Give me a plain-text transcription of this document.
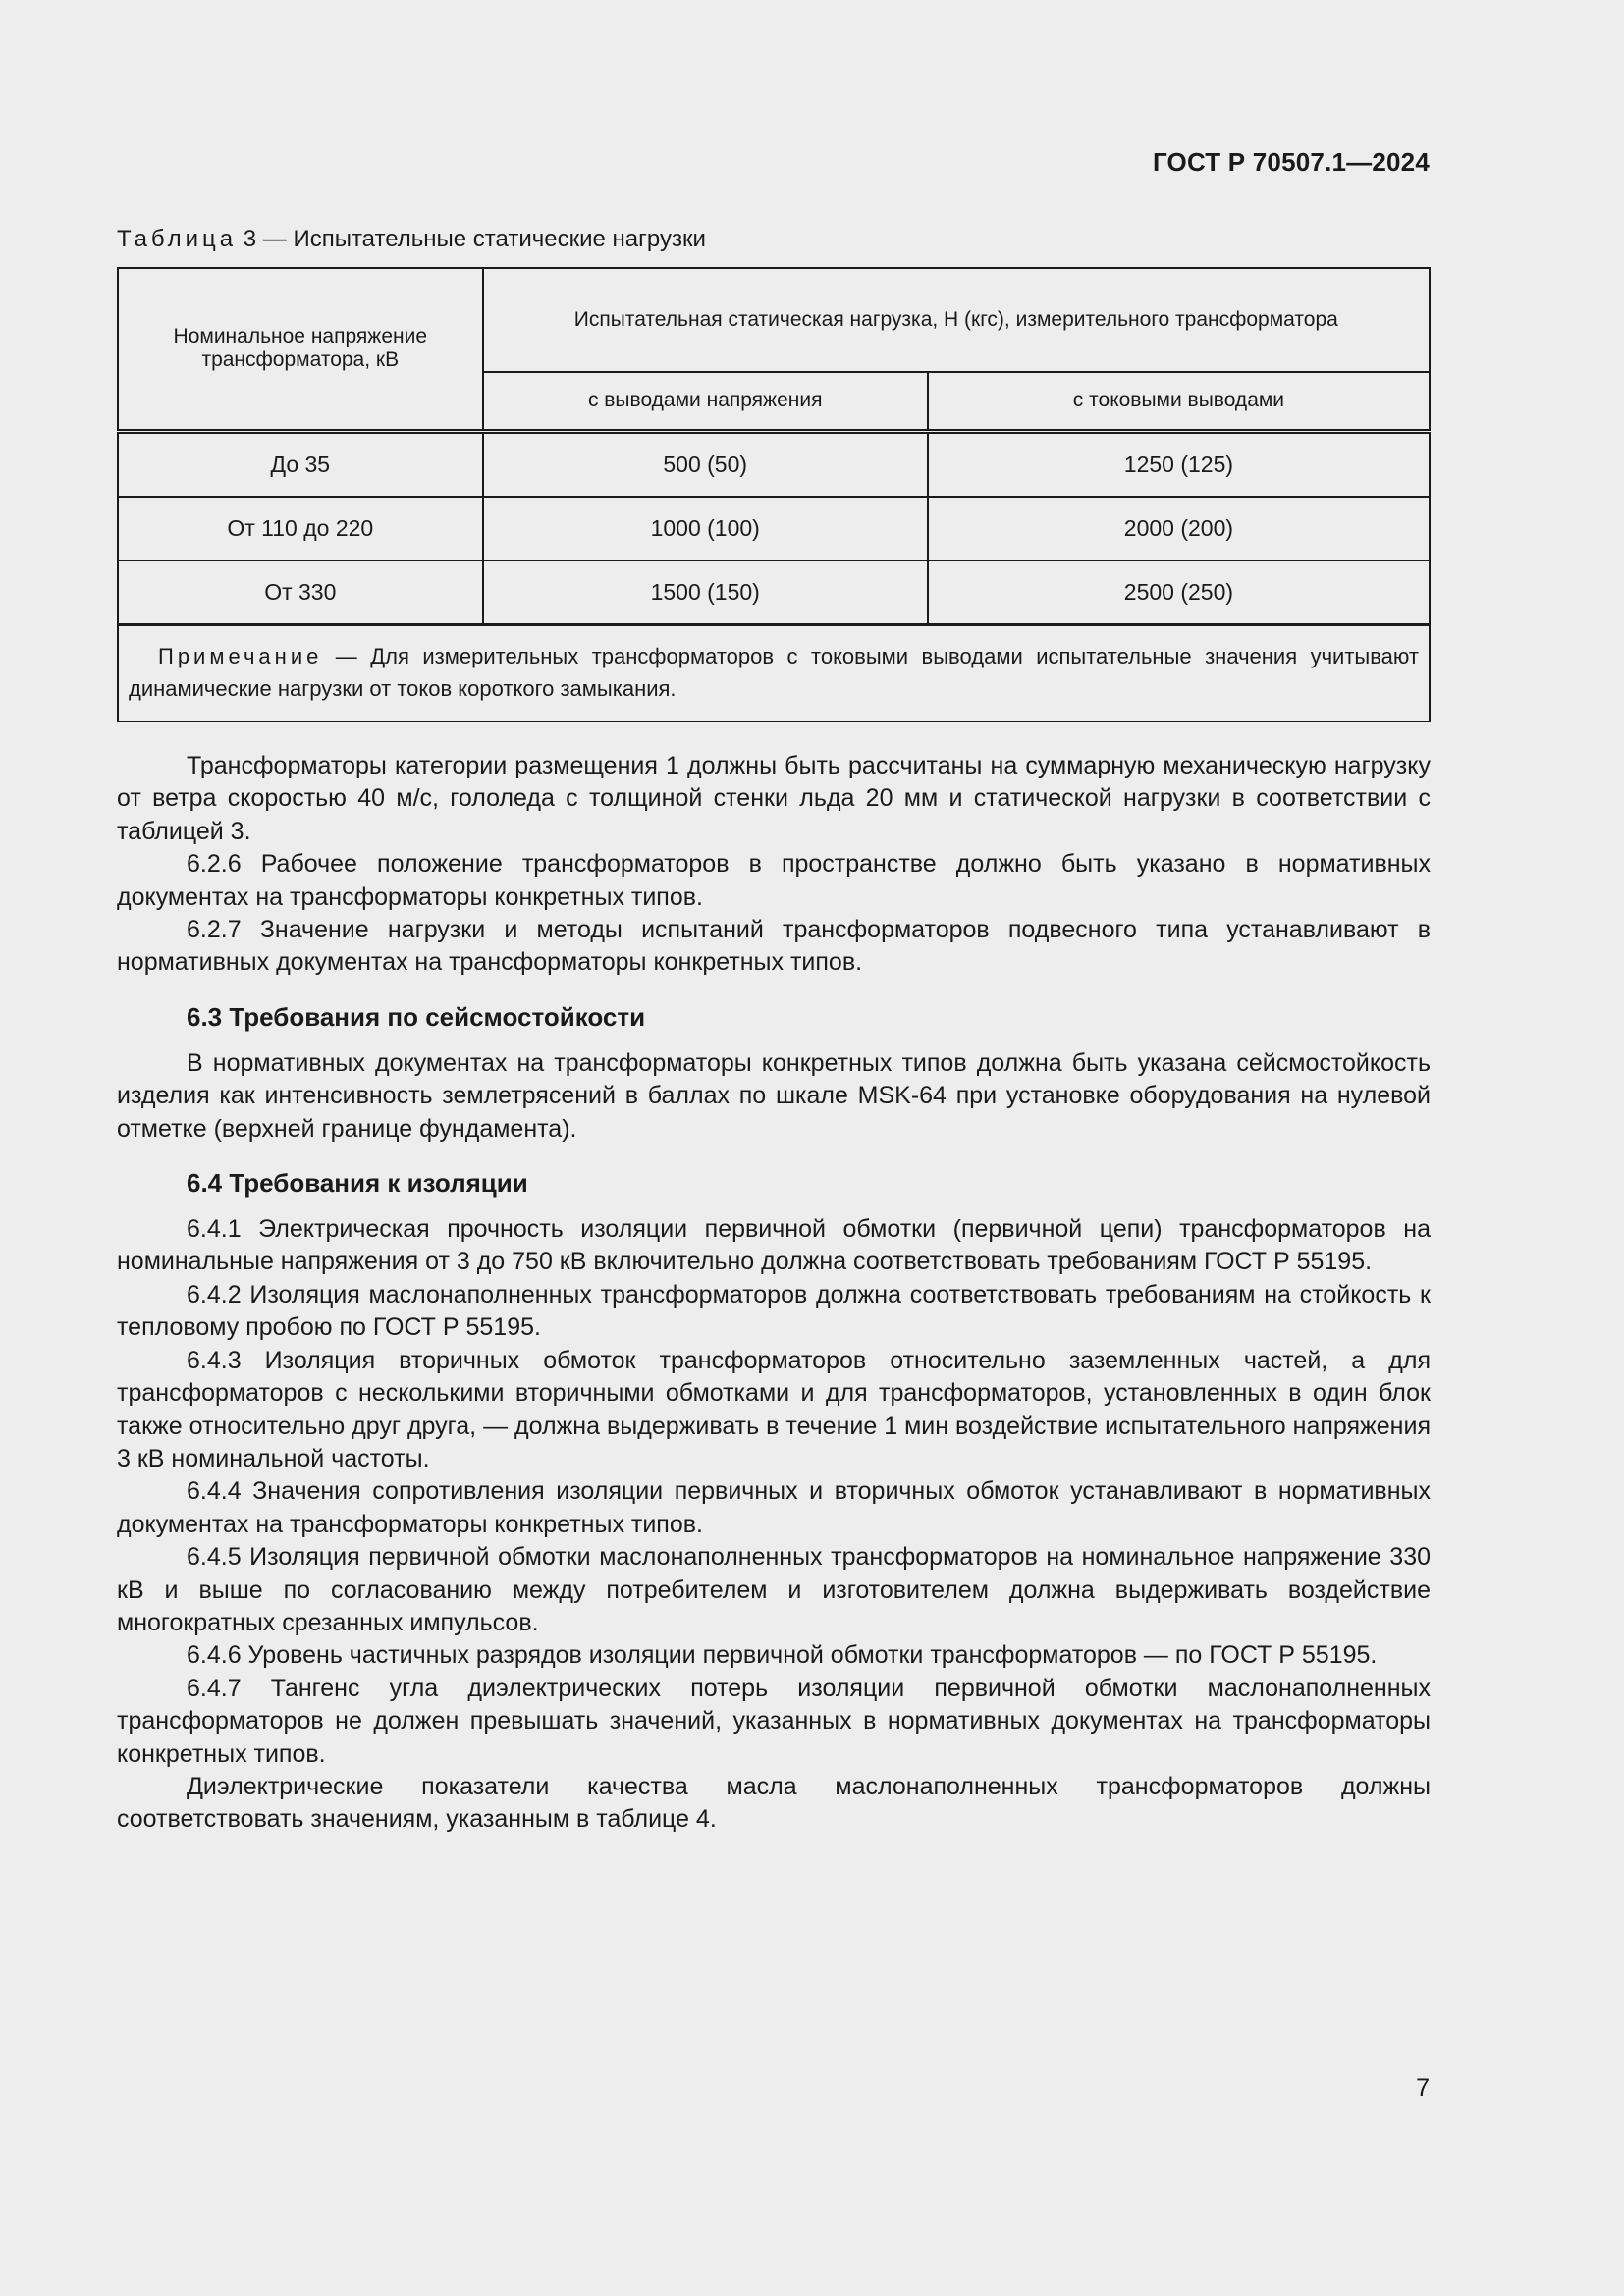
ГОСТ Р 70507.1—2024
Таблица 3 — Испытательные статические нагрузки
Номинальное напряжение трансформатора, кВ	Испытательная статическая нагрузка, Н (кгс), измерительного трансформатора	
	с выводами напряжения	с токовыми выводами
До 35	500 (50)	1250 (125)
От 110 до 220	1000 (100)	2000 (200)
От 330	1500 (150)	2500 (250)
Примечание — Для измерительных трансформаторов с токовыми выводами испытательные значения учитывают динамические нагрузки от токов короткого замыкания.		

Трансформаторы категории размещения 1 должны быть рассчитаны на суммарную механическую нагрузку от ветра скоростью 40 м/с, гололеда с толщиной стенки льда 20 мм и статической нагрузки в соответствии с таблицей 3.

6.2.6 Рабочее положение трансформаторов в пространстве должно быть указано в нормативных документах на трансформаторы конкретных типов.

6.2.7 Значение нагрузки и методы испытаний трансформаторов подвесного типа устанавливают в нормативных документах на трансформаторы конкретных типов.

6.3 Требования по сейсмостойкости

В нормативных документах на трансформаторы конкретных типов должна быть указана сейсмостойкость изделия как интенсивность землетрясений в баллах по шкале MSK-64 при установке оборудования на нулевой отметке (верхней границе фундамента).

6.4 Требования к изоляции

6.4.1 Электрическая прочность изоляции первичной обмотки (первичной цепи) трансформаторов на номинальные напряжения от 3 до 750 кВ включительно должна соответствовать требованиям ГОСТ Р 55195.

6.4.2 Изоляция маслонаполненных трансформаторов должна соответствовать требованиям на стойкость к тепловому пробою по ГОСТ Р 55195.

6.4.3 Изоляция вторичных обмоток трансформаторов относительно заземленных частей, а для трансформаторов с несколькими вторичными обмотками и для трансформаторов, установленных в один блок также относительно друг друга, — должна выдерживать в течение 1 мин воздействие испытательного напряжения 3 кВ номинальной частоты.

6.4.4 Значения сопротивления изоляции первичных и вторичных обмоток устанавливают в нормативных документах на трансформаторы конкретных типов.

6.4.5 Изоляция первичной обмотки маслонаполненных трансформаторов на номинальное напряжение 330 кВ и выше по согласованию между потребителем и изготовителем должна выдерживать воздействие многократных срезанных импульсов.

6.4.6 Уровень частичных разрядов изоляции первичной обмотки трансформаторов — по ГОСТ Р 55195.

6.4.7 Тангенс угла диэлектрических потерь изоляции первичной обмотки маслонаполненных трансформаторов не должен превышать значений, указанных в нормативных документах на трансформаторы конкретных типов.

Диэлектрические показатели качества масла маслонаполненных трансформаторов должны соответствовать значениям, указанным в таблице 4.

7
